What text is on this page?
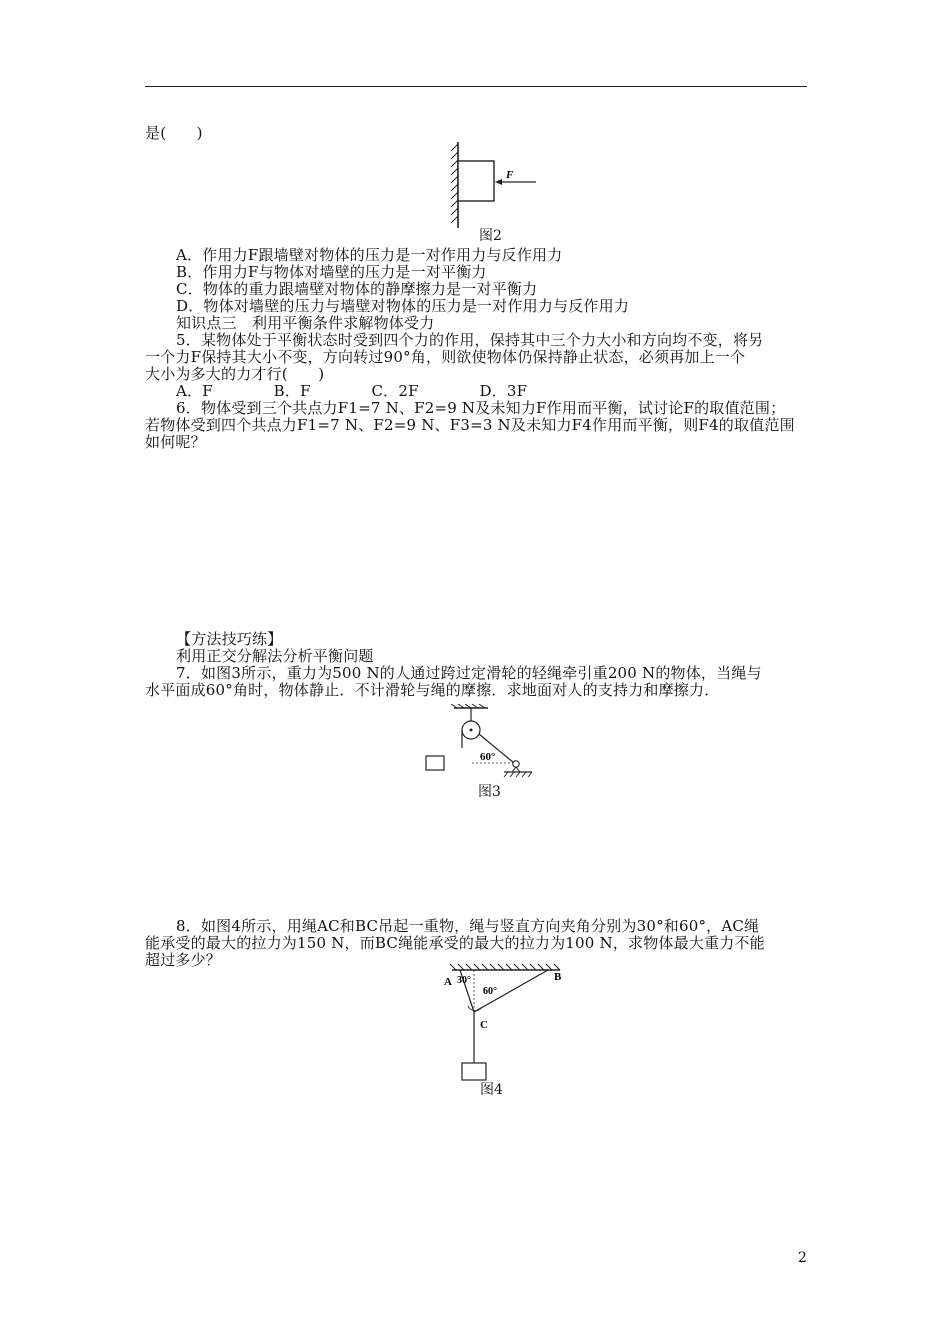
是(　　)
F
图2
A．作用力F跟墙壁对物体的压力是一对作用力与反作用力
B．作用力F与物体对墙壁的压力是一对平衡力
C．物体的重力跟墙壁对物体的静摩擦力是一对平衡力
D．物体对墙壁的压力与墙壁对物体的压力是一对作用力与反作用力
知识点三　利用平衡条件求解物体受力
5．某物体处于平衡状态时受到四个力的作用，保持其中三个力大小和方向均不变，将另
一个力F保持其大小不变，方向转过90°角，则欲使物体仍保持静止状态，必须再加上一个
大小为多大的力才行(　　)
A．F　　　　B．F　　　　C．2F　　　　D．3F
6．物体受到三个共点力F1=7 N、F2=9 N及未知力F作用而平衡，试讨论F的取值范围；
若物体受到四个共点力F1=7 N、F2=9 N、F3=3 N及未知力F4作用而平衡，则F4的取值范围
如何呢？
【方法技巧练】
利用正交分解法分析平衡问题
7．如图3所示，重力为500 N的人通过跨过定滑轮的轻绳牵引重200 N的物体，当绳与
水平面成60°角时，物体静止．不计滑轮与绳的摩擦．求地面对人的支持力和摩擦力．
60°
图3
8．如图4所示，用绳AC和BC吊起一重物，绳与竖直方向夹角分别为30°和60°，AC绳
能承受的最大的拉力为150 N，而BC绳能承受的最大的拉力为100 N，求物体最大重力不能
超过多少？
A	B
C
30°
60°
图4
2
